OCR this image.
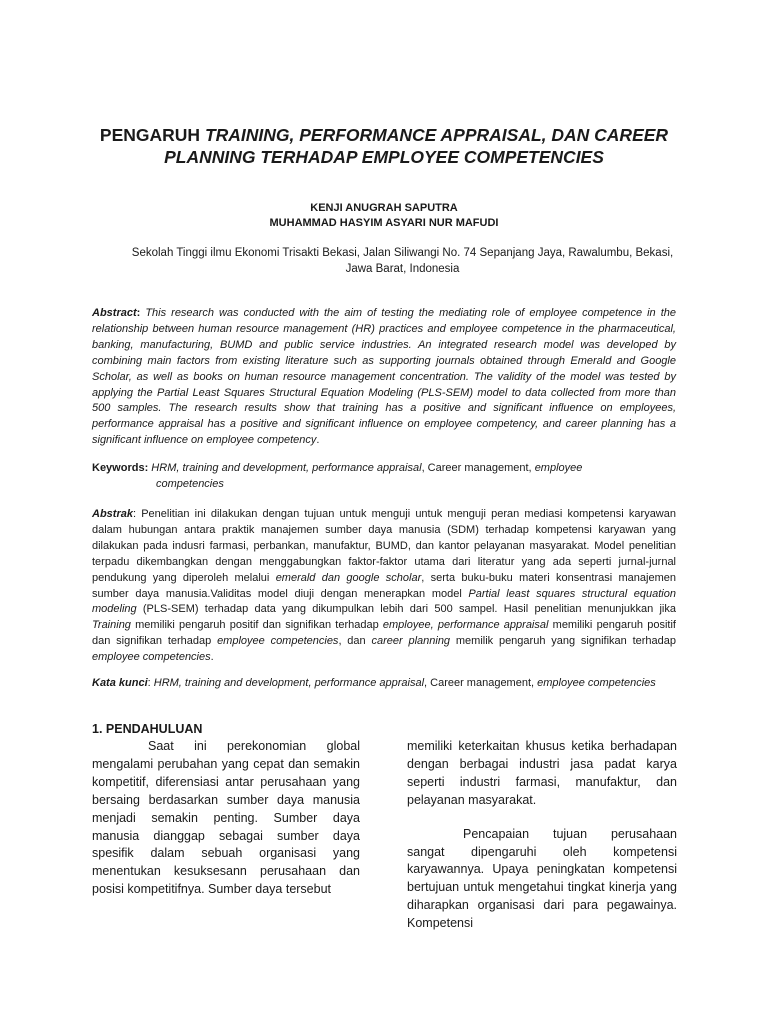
PENGARUH TRAINING, PERFORMANCE APPRAISAL, DAN CAREER PLANNING TERHADAP EMPLOYEE COMPETENCIES
KENJI ANUGRAH SAPUTRA
MUHAMMAD HASYIM ASYARI NUR MAFUDI
Sekolah Tinggi ilmu Ekonomi Trisakti Bekasi, Jalan Siliwangi No. 74 Sepanjang Jaya, Rawalumbu, Bekasi, Jawa Barat, Indonesia

Abstract: This research was conducted with the aim of testing the mediating role of employee competence in the relationship between human resource management (HR) practices and employee competence in the pharmaceutical, banking, manufacturing, BUMD and public service industries. An integrated research model was developed by combining main factors from existing literature such as supporting journals obtained through Emerald and Google Scholar, as well as books on human resource management concentration. The validity of the model was tested by applying the Partial Least Squares Structural Equation Modeling (PLS-SEM) model to data collected from more than 500 samples. The research results show that training has a positive and significant influence on employees, performance appraisal has a positive and significant influence on employee competency, and career planning has a significant influence on employee competency.

Keywords: HRM, training and development, performance appraisal, Career management, employee
competencies

Abstrak: Penelitian ini dilakukan dengan tujuan untuk menguji untuk menguji peran mediasi kompetensi karyawan dalam hubungan antara praktik manajemen sumber daya manusia (SDM) terhadap kompetensi karyawan yang dilakukan pada indusri farmasi, perbankan, manufaktur, BUMD, dan kantor pelayanan masyarakat. Model penelitian terpadu dikembangkan dengan menggabungkan faktor-faktor utama dari literatur yang ada seperti jurnal-jurnal pendukung yang diperoleh melalui emerald dan google scholar, serta buku-buku materi konsentrasi manajemen sumber daya manusia.Validitas model diuji dengan menerapkan model Partial least squares structural equation modeling (PLS-SEM) terhadap data yang dikumpulkan lebih dari 500 sampel. Hasil penelitian menunjukkan jika Training memiliki pengaruh positif dan signifikan terhadap employee, performance appraisal memiliki pengaruh positif dan signifikan terhadap employee competencies, dan career planning memilik pengaruh yang signifikan terhadap employee competencies.

Kata kunci: HRM, training and development, performance appraisal, Career management, employee competencies
1. PENDAHULUAN

Saat ini perekonomian global mengalami perubahan yang cepat dan semakin kompetitif, diferensiasi antar perusahaan yang bersaing berdasarkan sumber daya manusia menjadi semakin penting. Sumber daya manusia dianggap sebagai sumber daya spesifik dalam sebuah organisasi yang menentukan kesuksesann perusahaan dan posisi kompetitifnya. Sumber daya tersebut

memiliki keterkaitan khusus ketika berhadapan dengan berbagai industri jasa padat karya seperti industri farmasi, manufaktur, dan pelayanan masyarakat.

Pencapaian tujuan perusahaan sangat dipengaruhi oleh kompetensi karyawannya. Upaya peningkatan kompetensi bertujuan untuk mengetahui tingkat kinerja yang diharapkan organisasi dari para pegawainya. Kompetensi
